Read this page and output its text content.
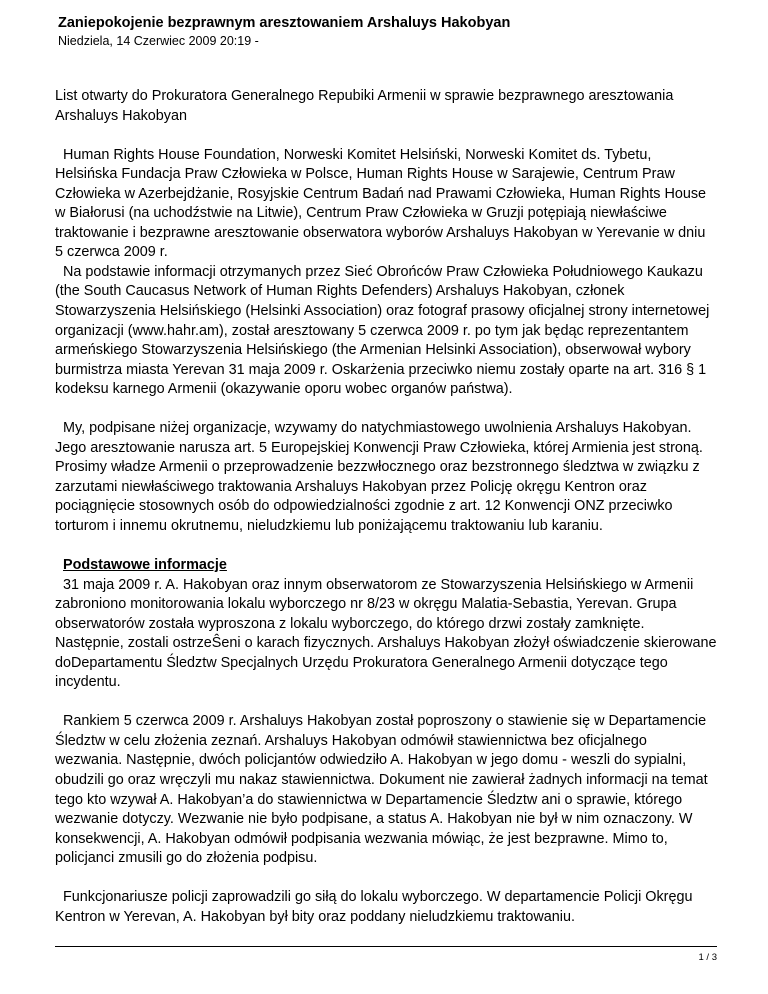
Zaniepokojenie bezprawnym aresztowaniem Arshaluys Hakobyan
Niedziela, 14 Czerwiec 2009 20:19 -

List otwarty do Prokuratora Generalnego Repubiki Armenii w sprawie bezprawnego aresztowania Arshaluys Hakobyan

Human Rights House Foundation, Norweski Komitet Helsiński, Norweski Komitet ds. Tybetu, Helsińska Fundacja Praw Człowieka w Polsce, Human Rights House w Sarajewie, Centrum Praw Człowieka w Azerbejdżanie, Rosyjskie Centrum Badań nad Prawami Człowieka, Human Rights House w Białorusi (na uchodźstwie na Litwie), Centrum Praw Człowieka w Gruzji potępiają niewłaściwe traktowanie i bezprawne aresztowanie obserwatora wyborów Arshaluys Hakobyan w Yerevanie w dniu 5 czerwca 2009 r.

Na podstawie informacji otrzymanych przez Sieć Obrońców Praw Człowieka Południowego Kaukazu (the South Caucasus Network of Human Rights Defenders) Arshaluys Hakobyan, członek Stowarzyszenia Helsińskiego (Helsinki Association) oraz fotograf prasowy oficjalnej strony internetowej organizacji (www.hahr.am), został aresztowany 5 czerwca 2009 r. po tym jak będąc reprezentantem armeńskiego Stowarzyszenia Helsińskiego (the Armenian Helsinki Association), obserwował wybory burmistrza miasta Yerevan 31 maja 2009 r. Oskarżenia przeciwko niemu zostały oparte na art. 316 § 1 kodeksu karnego Armenii (okazywanie oporu wobec organów państwa).

My, podpisane niżej organizacje, wzywamy do natychmiastowego uwolnienia Arshaluys Hakobyan. Jego aresztowanie narusza art. 5 Europejskiej Konwencji Praw Człowieka, której Armienia jest stroną. Prosimy władze Armenii o przeprowadzenie bezzwłocznego oraz bezstronnego śledztwa w związku z zarzutami niewłaściwego traktowania Arshaluys Hakobyan przez Policję okręgu Kentron oraz pociągnięcie stosownych osób do odpowiedzialności zgodnie z art. 12 Konwencji ONZ przeciwko torturom i innemu okrutnemu, nieludzkiemu lub poniżającemu traktowaniu lub karaniu.

Podstawowe informacje

31 maja 2009 r. A. Hakobyan oraz innym obserwatorom ze Stowarzyszenia Helsińskiego w Armenii zabroniono monitorowania lokalu wyborczego nr 8/23 w okręgu Malatia-Sebastia, Yerevan. Grupa obserwatorów została wyproszona z lokalu wyborczego, do którego drzwi zostały zamknięte. Następnie, zostali ostrzeŜeni o karach fizycznych. Arshaluys Hakobyan złożył oświadczenie skierowane doDepartamentu Śledztw Specjalnych Urzędu Prokuratora Generalnego Armenii dotyczące tego incydentu.

Rankiem 5 czerwca 2009 r. Arshaluys Hakobyan został poproszony o stawienie się w Departamencie Śledztw w celu złożenia zeznań. Arshaluys Hakobyan odmówił stawiennictwa bez oficjalnego wezwania. Następnie, dwóch policjantów odwiedziło A. Hakobyan w jego domu - weszli do sypialni, obudzili go oraz wręczyli mu nakaz stawiennictwa. Dokument nie zawierał żadnych informacji na temat tego kto wzywał A. Hakobyan’a do stawiennictwa w Departamencie Śledztw ani o sprawie, którego wezwanie dotyczy. Wezwanie nie było podpisane, a status A. Hakobyan nie był w nim oznaczony. W konsekwencji, A. Hakobyan odmówił podpisania wezwania mówiąc, że jest bezprawne. Mimo to, policjanci zmusili go do złożenia podpisu.

Funkcjonariusze policji zaprowadzili go siłą do lokalu wyborczego. W departamencie Policji Okręgu Kentron w Yerevan, A. Hakobyan był bity oraz poddany nieludzkiemu traktowaniu.

1 / 3
